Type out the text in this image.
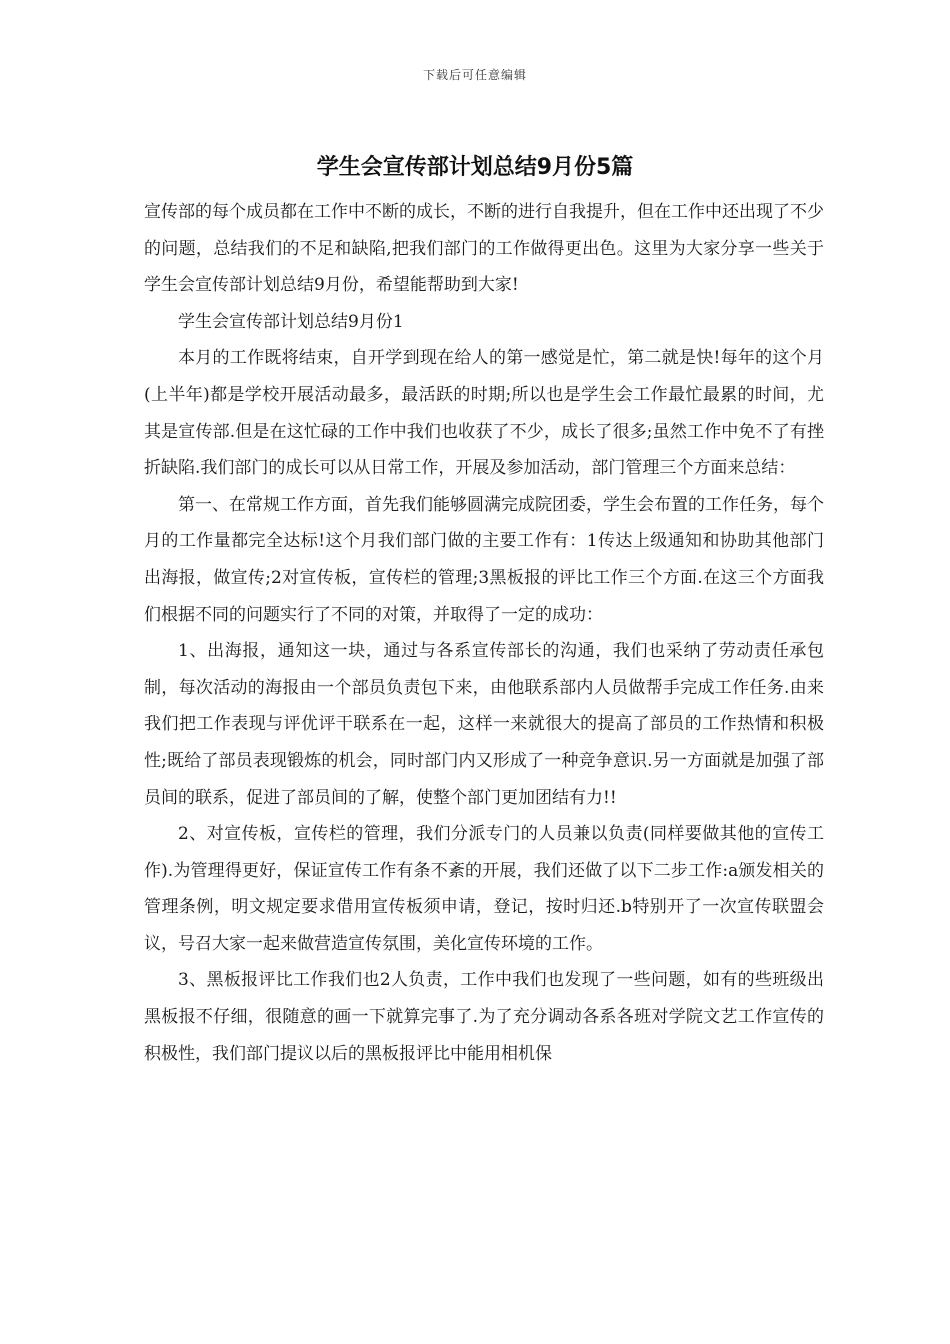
下载后可任意编辑
学生会宣传部计划总结9月份5篇

宣传部的每个成员都在工作中不断的成长，不断的进行自我提升，但在工作中还出现了不少的问题，总结我们的不足和缺陷,把我们部门的工作做得更出色。这里为大家分享一些关于学生会宣传部计划总结9月份，希望能帮助到大家!

学生会宣传部计划总结9月份1

本月的工作既将结束，自开学到现在给人的第一感觉是忙，第二就是快!每年的这个月(上半年)都是学校开展活动最多，最活跃的时期;所以也是学生会工作最忙最累的时间，尤其是宣传部.但是在这忙碌的工作中我们也收获了不少，成长了很多;虽然工作中免不了有挫折缺陷.我们部门的成长可以从日常工作，开展及参加活动，部门管理三个方面来总结：

第一、在常规工作方面，首先我们能够圆满完成院团委，学生会布置的工作任务，每个月的工作量都完全达标!这个月我们部门做的主要工作有：1传达上级通知和协助其他部门出海报，做宣传;2对宣传板，宣传栏的管理;3黑板报的评比工作三个方面.在这三个方面我们根据不同的问题实行了不同的对策，并取得了一定的成功：

1、出海报，通知这一块，通过与各系宣传部长的沟通，我们也采纳了劳动责任承包制，每次活动的海报由一个部员负责包下来，由他联系部内人员做帮手完成工作任务.由来我们把工作表现与评优评干联系在一起，这样一来就很大的提高了部员的工作热情和积极性;既给了部员表现锻炼的机会，同时部门内又形成了一种竞争意识.另一方面就是加强了部员间的联系，促进了部员间的了解，使整个部门更加团结有力!!

2、对宣传板，宣传栏的管理，我们分派专门的人员兼以负责(同样要做其他的宣传工作).为管理得更好，保证宣传工作有条不紊的开展，我们还做了以下二步工作:a颁发相关的管理条例，明文规定要求借用宣传板须申请，登记，按时归还.b特别开了一次宣传联盟会议，号召大家一起来做营造宣传氛围，美化宣传环境的工作。

3、黑板报评比工作我们也2人负责，工作中我们也发现了一些问题，如有的些班级出黑板报不仔细，很随意的画一下就算完事了.为了充分调动各系各班对学院文艺工作宣传的积极性，我们部门提议以后的黑板报评比中能用相机保
